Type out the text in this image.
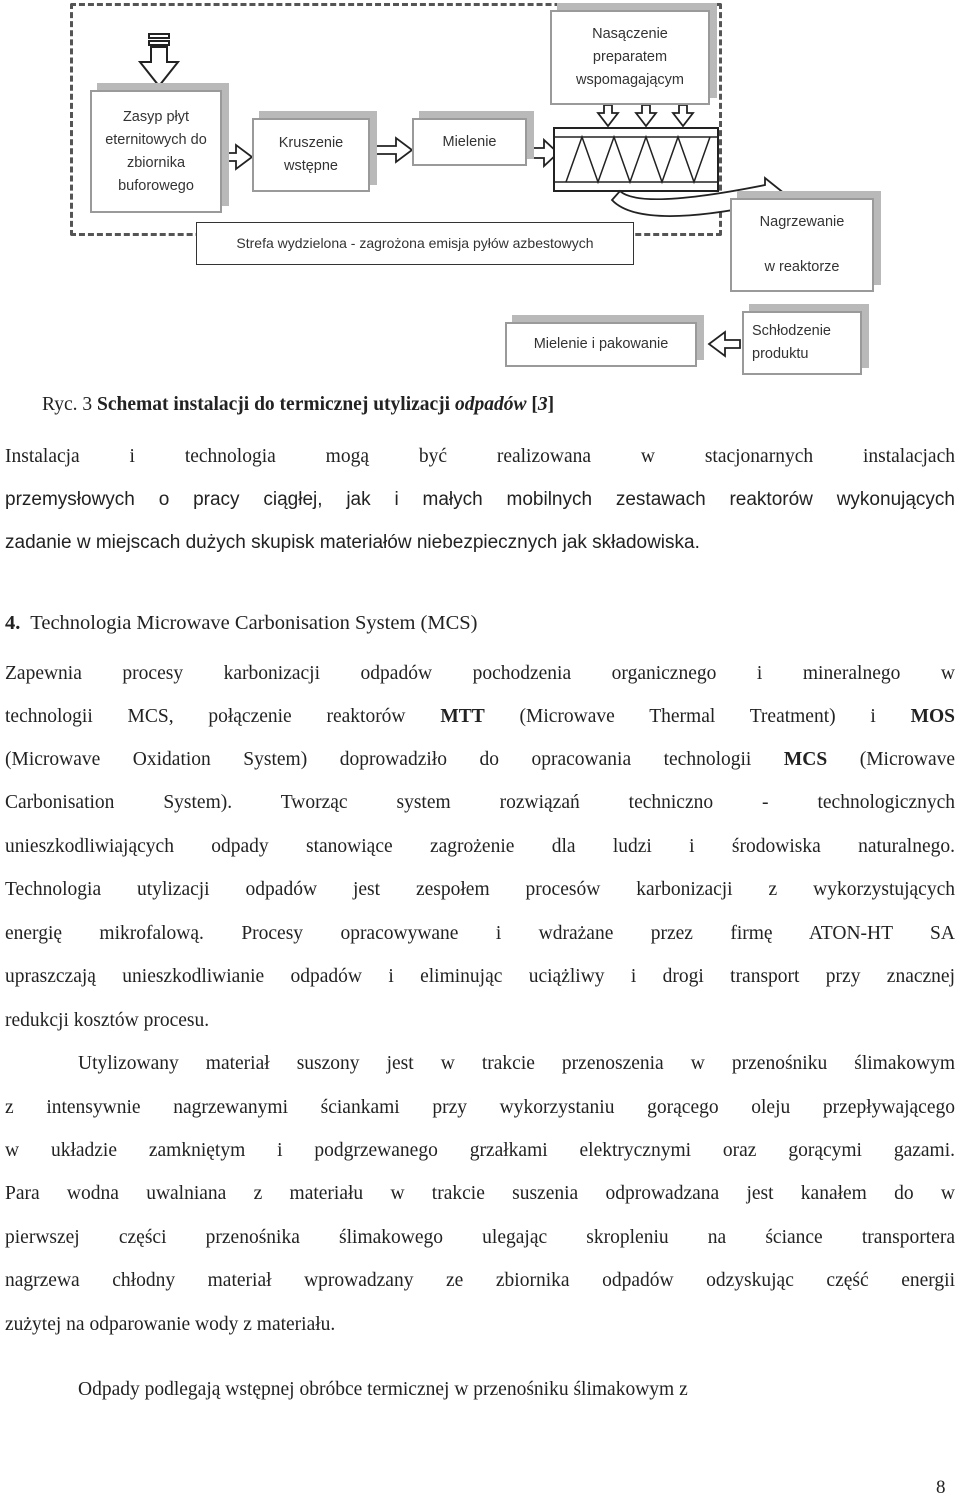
Zasyp płyt eternitowych do zbiornika buforowego
Kruszenie wstępne
Mielenie
Nasączenie preparatem wspomagającym
Strefa wydzielona - zagrożona emisja pyłów azbestowych
Nagrzewanie
w reaktorze
Schłodzenie produktu
Mielenie i pakowanie
Ryc. 3 Schemat instalacji do termicznej utylizacji odpadów [3]
Instalacja i technologia mogą być realizowana w stacjonarnych instalacjach
przemysłowych o pracy ciągłej, jak i małych mobilnych zestawach reaktorów wykonujących
zadanie w miejscach dużych skupisk materiałów niebezpiecznych jak składowiska.
4. Technologia Microwave Carbonisation System (MCS)
Zapewnia procesy karbonizacji odpadów pochodzenia organicznego i mineralnego w
technologii MCS, połączenie reaktorów MTT (Microwave Thermal Treatment) i MOS
(Microwave Oxidation System) doprowadziło do opracowania technologii MCS (Microwave
Carbonisation System). Tworząc system rozwiązań techniczno - technologicznych
unieszkodliwiających odpady stanowiące zagrożenie dla ludzi i środowiska naturalnego.
Technologia utylizacji odpadów jest zespołem procesów karbonizacji z wykorzystujących
energię mikrofalową. Procesy opracowywane i wdrażane przez firmę ATON-HT SA
upraszczają unieszkodliwianie odpadów i eliminując uciążliwy i drogi transport przy znacznej
redukcji kosztów procesu.
Utylizowany materiał suszony jest w trakcie przenoszenia w przenośniku ślimakowym
z intensywnie nagrzewanymi ściankami przy wykorzystaniu gorącego oleju przepływającego
w układzie zamkniętym i podgrzewanego grzałkami elektrycznymi oraz gorącymi gazami.
Para wodna uwalniana z materiału w trakcie suszenia odprowadzana jest kanałem do w
pierwszej części przenośnika ślimakowego ulegając skropleniu na ściance transportera
nagrzewa chłodny materiał wprowadzany ze zbiornika odpadów odzyskując część energii
zużytej na odparowanie wody z materiału.
Odpady podlegają wstępnej obróbce termicznej w przenośniku ślimakowym z
8
